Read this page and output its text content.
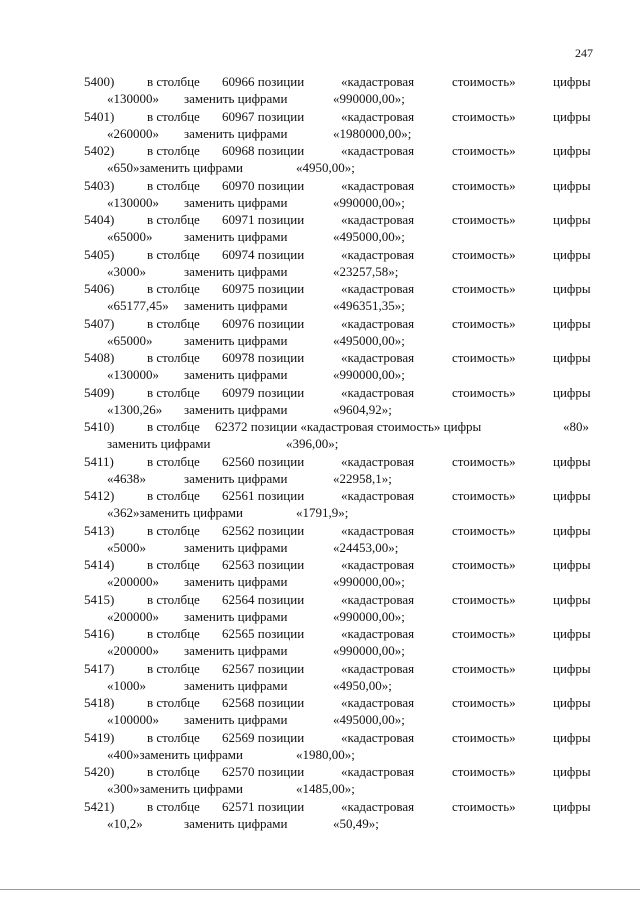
247
5400)	в столбце 60966 позиции	«кадастровая	стоимость»	цифры
«130000» заменить цифрами	«990000,00»;
5401)	в столбце 60967 позиции	«кадастровая	стоимость»	цифры
«260000» заменить цифрами	«1980000,00»;
5402)	в столбце 60968 позиции	«кадастровая	стоимость»	цифры
«650»заменить цифрами	«4950,00»;
5403)	в столбце 60970 позиции	«кадастровая	стоимость»	цифры
«130000» заменить цифрами	«990000,00»;
5404)	в столбце 60971 позиции	«кадастровая	стоимость»	цифры
«65000» заменить цифрами	«495000,00»;
5405)	в столбце 60974 позиции	«кадастровая	стоимость»	цифры
«3000»	заменить цифрами	«23257,58»;
5406)	в столбце 60975 позиции	«кадастровая	стоимость»	цифры
«65177,45» заменить цифрами	«496351,35»;
5407)	в столбце 60976 позиции	«кадастровая	стоимость»	цифры
«65000» заменить цифрами	«495000,00»;
5408)	в столбце 60978 позиции	«кадастровая	стоимость»	цифры
«130000» заменить цифрами	«990000,00»;
5409)	в столбце 60979 позиции	«кадастровая	стоимость»	цифры
«1300,26» заменить цифрами	«9604,92»;
5410)	в столбце 62372 позиции «кадастровая стоимость» цифры	«80»
заменить цифрами	«396,00»;
5411)	в столбце 62560 позиции	«кадастровая	стоимость»	цифры
«4638»	заменить цифрами	«22958,1»;
5412)	в столбце 62561 позиции	«кадастровая	стоимость»	цифры
«362»заменить цифрами	«1791,9»;
5413)	в столбце 62562 позиции	«кадастровая	стоимость»	цифры
«5000»	заменить цифрами	«24453,00»;
5414)	в столбце 62563 позиции	«кадастровая	стоимость»	цифры
«200000» заменить цифрами	«990000,00»;
5415)	в столбце 62564 позиции	«кадастровая	стоимость»	цифры
«200000» заменить цифрами	«990000,00»;
5416)	в столбце 62565 позиции	«кадастровая	стоимость»	цифры
«200000» заменить цифрами	«990000,00»;
5417)	в столбце 62567 позиции	«кадастровая	стоимость»	цифры
«1000»	заменить цифрами	«4950,00»;
5418)	в столбце 62568 позиции	«кадастровая	стоимость»	цифры
«100000» заменить цифрами	«495000,00»;
5419)	в столбце 62569 позиции	«кадастровая	стоимость»	цифры
«400»заменить цифрами	«1980,00»;
5420)	в столбце 62570 позиции	«кадастровая	стоимость»	цифры
«300»заменить цифрами	«1485,00»;
5421)	в столбце 62571 позиции	«кадастровая	стоимость»	цифры
«10,2»	заменить цифрами	«50,49»;
